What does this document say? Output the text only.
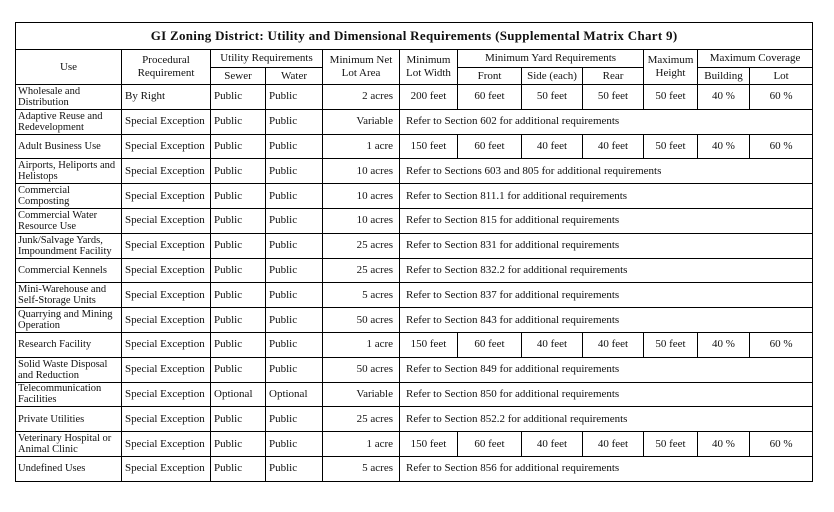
GI Zoning District: Utility and Dimensional Requirements (Supplemental Matrix Chart 9)											
Use	Procedural Requirement	Utility Requirements		Minimum Net Lot Area	Minimum Lot Width	Minimum Yard Requirements			Maximum Height	Maximum Coverage	
		Sewer	Water			Front	Side (each)	Rear		Building	Lot
Wholesale and Distribution	By Right	Public	Public	2 acres	200 feet	60 feet	50 feet	50 feet	50 feet	40 %	60 %
Adaptive Reuse and Redevelopment	Special Exception	Public	Public	Variable	Refer to Section 602 for additional requirements						
Adult Business Use	Special Exception	Public	Public	1 acre	150 feet	60 feet	40 feet	40 feet	50 feet	40 %	60 %
Airports, Heliports and Helistops	Special Exception	Public	Public	10 acres	Refer to Sections 603 and 805 for additional requirements						
Commercial Composting	Special Exception	Public	Public	10 acres	Refer to Section 811.1 for additional requirements						
Commercial Water Resource Use	Special Exception	Public	Public	10 acres	Refer to Section 815 for additional requirements						
Junk/Salvage Yards, Impoundment Facility	Special Exception	Public	Public	25 acres	Refer to Section 831 for additional requirements						
Commercial Kennels	Special Exception	Public	Public	25 acres	Refer to Section 832.2 for additional requirements						
Mini-Warehouse and Self-Storage Units	Special Exception	Public	Public	5 acres	Refer to Section 837 for additional requirements						
Quarrying and Mining Operation	Special Exception	Public	Public	50 acres	Refer to Section 843 for additional requirements						
Research Facility	Special Exception	Public	Public	1 acre	150 feet	60 feet	40 feet	40 feet	50 feet	40 %	60 %
Solid Waste Disposal and Reduction	Special Exception	Public	Public	50 acres	Refer to Section 849 for additional requirements						
Telecommunication Facilities	Special Exception	Optional	Optional	Variable	Refer to Section 850 for additional requirements						
Private Utilities	Special Exception	Public	Public	25 acres	Refer to Section 852.2 for additional requirements						
Veterinary Hospital or Animal Clinic	Special Exception	Public	Public	1 acre	150 feet	60 feet	40 feet	40 feet	50 feet	40 %	60 %
Undefined Uses	Special Exception	Public	Public	5 acres	Refer to Section 856 for additional requirements						
